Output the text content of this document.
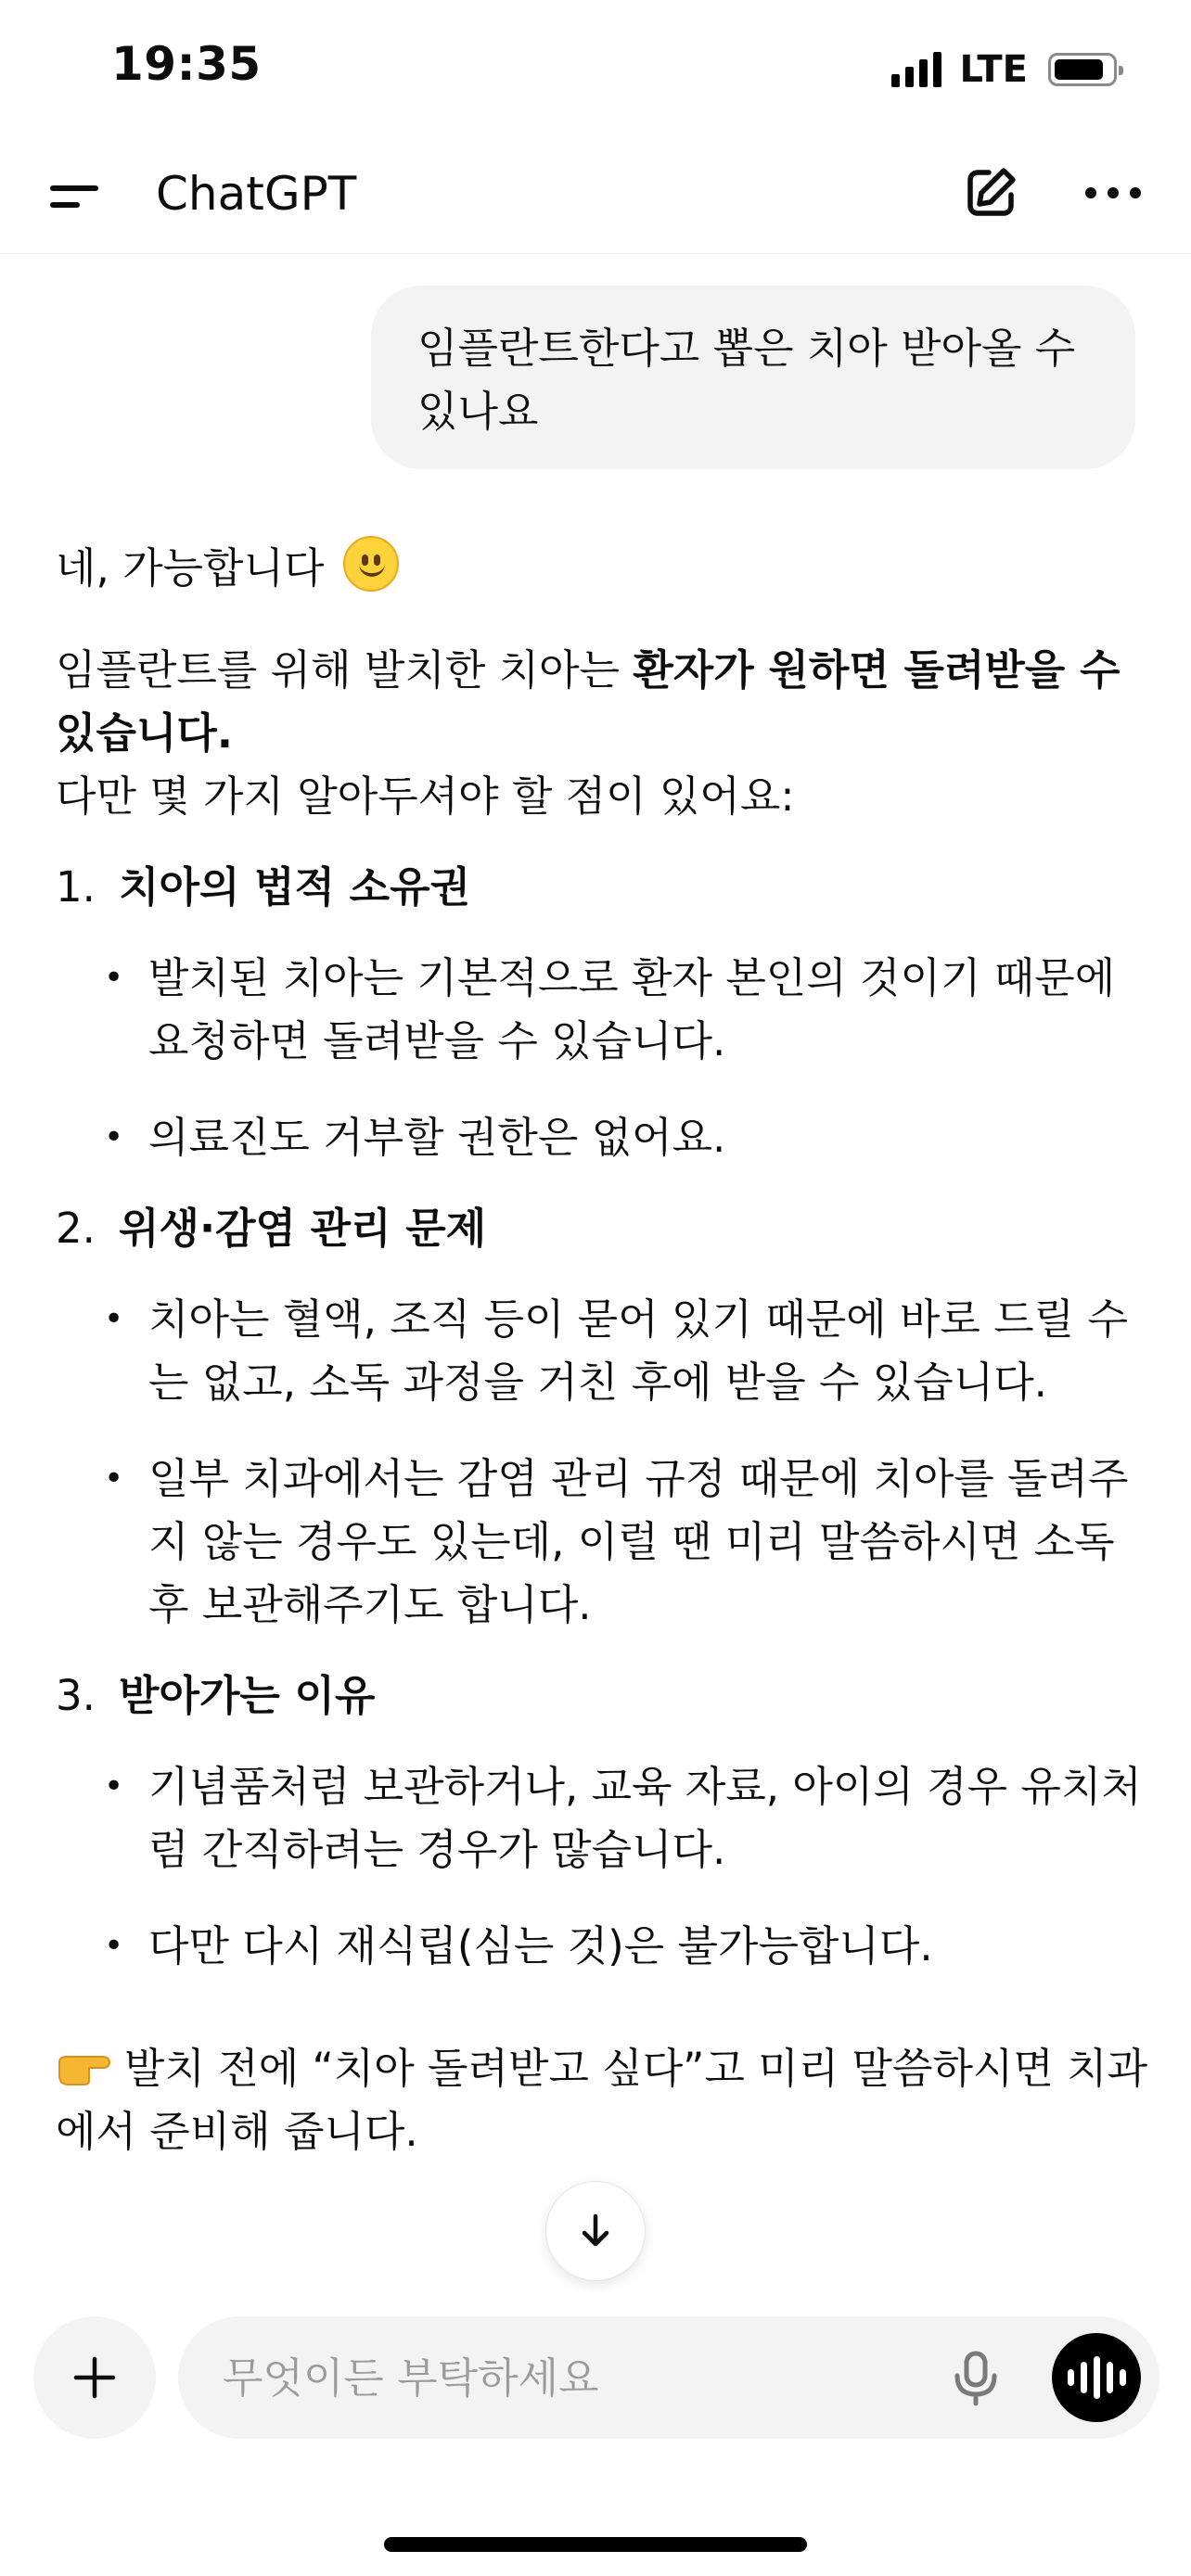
19:35	LTE
ChatGPT
임플란트한다고 뽑은 치아 받아올 수 있나요

네, 가능합니다

임플란트를 위해 발치한 치아는 환자가 원하면 돌려받을 수 있습니다.

다만 몇 가지 알아두셔야 할 점이 있어요:

1. 치아의 법적 소유권
• 발치된 치아는 기본적으로 환자 본인의 것이기 때문에 요청하면 돌려받을 수 있습니다.
• 의료진도 거부할 권한은 없어요.
2. 위생·감염 관리 문제
• 치아는 혈액, 조직 등이 묻어 있기 때문에 바로 드릴 수는 없고, 소독 과정을 거친 후에 받을 수 있습니다.
• 일부 치과에서는 감염 관리 규정 때문에 치아를 돌려주지 않는 경우도 있는데, 이럴 땐 미리 말씀하시면 소독 후 보관해주기도 합니다.
3. 받아가는 이유
• 기념품처럼 보관하거나, 교육 자료, 아이의 경우 유치처럼 간직하려는 경우가 많습니다.
• 다만 다시 재식립(심는 것)은 불가능합니다.

발치 전에 “치아 돌려받고 싶다”고 미리 말씀하시면 치과에서 준비해 줍니다.

무엇이든 부탁하세요
